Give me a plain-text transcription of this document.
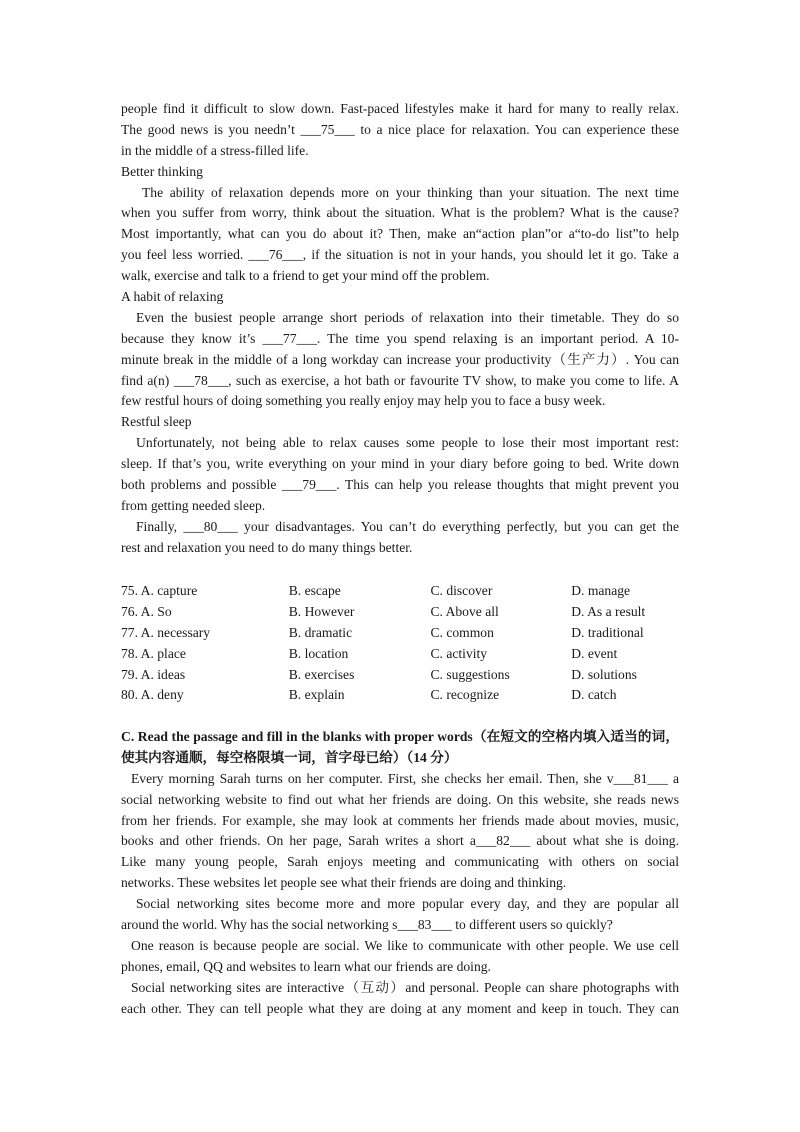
people find it difficult to slow down. Fast-paced lifestyles make it hard for many to really relax.
The good news is you needn’t ___75___ to a nice place for relaxation. You can experience these
in the middle of a stress-filled life.
Better thinking
The ability of relaxation depends more on your thinking than your situation. The next time
when you suffer from worry, think about the situation. What is the problem? What is the cause?
Most importantly, what can you do about it? Then, make an“action plan”or a“to-do list”to help
you feel less worried. ___76___, if the situation is not in your hands, you should let it go. Take a
walk, exercise and talk to a friend to get your mind off the problem.
A habit of relaxing
Even the busiest people arrange short periods of relaxation into their timetable. They do so
because they know it’s ___77___. The time you spend relaxing is an important period. A 10-
minute break in the middle of a long workday can increase your productivity（生产力）. You can
find a(n) ___78___, such as exercise, a hot bath or favourite TV show, to make you come to life. A
few restful hours of doing something you really enjoy may help you to face a busy week.
Restful sleep
Unfortunately, not being able to relax causes some people to lose their most important rest:
sleep. If that’s you, write everything on your mind in your diary before going to bed. Write down
both problems and possible ___79___. This can help you release thoughts that might prevent you
from getting needed sleep.
Finally, ___80___ your disadvantages. You can’t do everything perfectly, but you can get the
rest and relaxation you need to do many things better.
75. A. capture	B. escape	C. discover	D. manage
76. A. So	B. However	C. Above all	D. As a result
77. A. necessary	B. dramatic	C. common	D. traditional
78. A. place	B. location	C. activity	D. event
79. A. ideas	B. exercises	C. suggestions	D. solutions
80. A. deny	B. explain	C. recognize	D. catch
C. Read the passage and fill in the blanks with proper words（在短文的空格内填入适当的词，
使其内容通顺，每空格限填一词，首字母已给）（14 分）
Every morning Sarah turns on her computer. First, she checks her email. Then, she v___81___ a
social networking website to find out what her friends are doing. On this website, she reads news
from her friends. For example, she may look at comments her friends made about movies, music,
books and other friends. On her page, Sarah writes a short a___82___ about what she is doing.
Like many young people, Sarah enjoys meeting and communicating with others on social
networks. These websites let people see what their friends are doing and thinking.
Social networking sites become more and more popular every day, and they are popular all
around the world. Why has the social networking s___83___ to different users so quickly?
One reason is because people are social. We like to communicate with other people. We use cell
phones, email, QQ and websites to learn what our friends are doing.
Social networking sites are interactive（互动）and personal. People can share photographs with
each other. They can tell people what they are doing at any moment and keep in touch. They can
